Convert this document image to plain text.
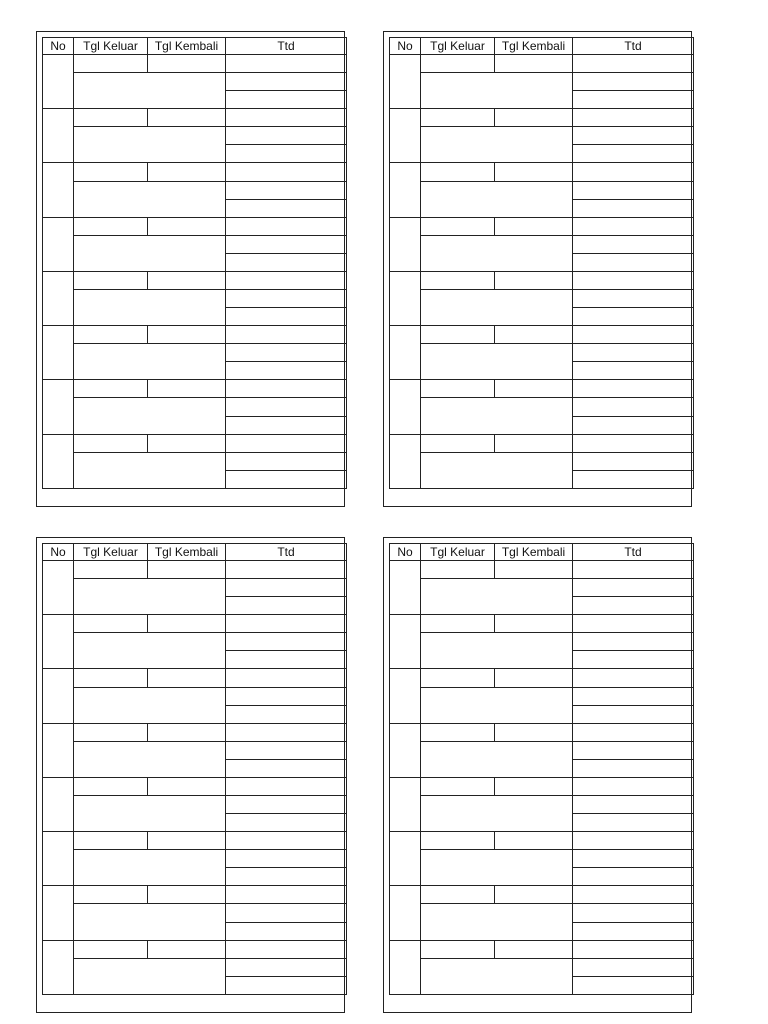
No	Tgl Keluar	Tgl Kembali	Ttd

		No	Tgl Keluar	Tgl Kembali	Ttd

No	Tgl Keluar	Tgl Kembali	Ttd

		No	Tgl Keluar	Tgl Kembali	Ttd
